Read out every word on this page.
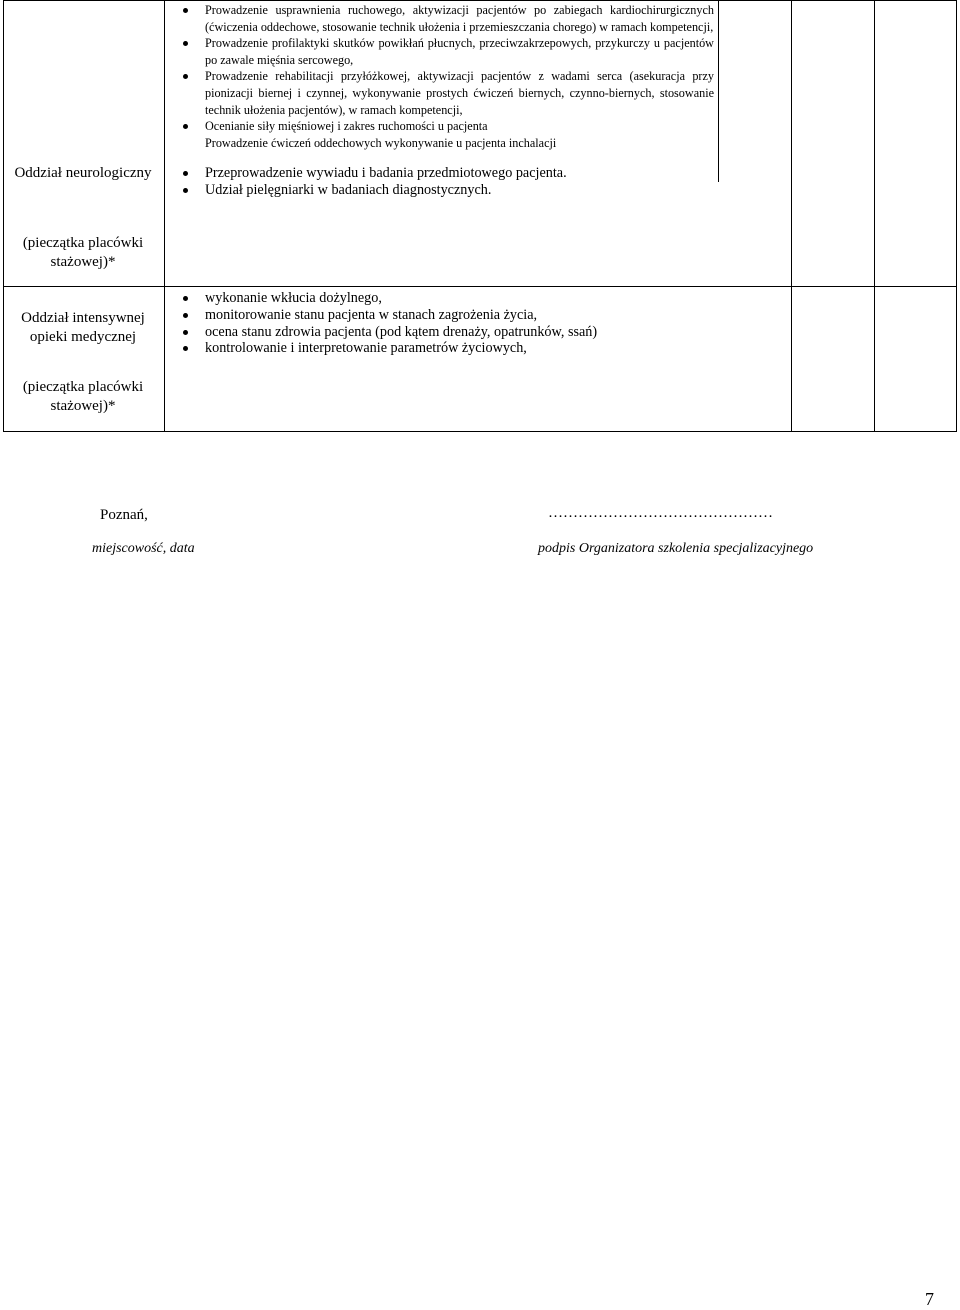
Oddział neurologiczny
(pieczątka placówki stażowej)*
Prowadzenie usprawnienia ruchowego, aktywizacji pacjentów po zabiegach kardiochirurgicznych (ćwiczenia oddechowe, stosowanie technik ułożenia i przemieszczania chorego) w ramach kompetencji,
Prowadzenie profilaktyki skutków powikłań płucnych, przeciwzakrzepowych, przykurczy u pacjentów po zawale mięśnia sercowego,
Prowadzenie rehabilitacji przyłóżkowej, aktywizacji pacjentów z wadami serca (asekuracja przy pionizacji biernej i czynnej, wykonywanie prostych ćwiczeń biernych, czynno-biernych, stosowanie technik ułożenia pacjentów), w ramach kompetencji,
Ocenianie siły mięśniowej i zakres ruchomości u pacjenta
Prowadzenie ćwiczeń oddechowych wykonywanie u pacjenta inchalacji
Przeprowadzenie wywiadu i badania przedmiotowego pacjenta.
Udział pielęgniarki w badaniach diagnostycznych.
Oddział intensywnej opieki medycznej
(pieczątka placówki stażowej)*
wykonanie wkłucia dożylnego,
monitorowanie stanu pacjenta w stanach zagrożenia życia,
ocena stanu zdrowia pacjenta (pod kątem drenaży, opatrunków, ssań)
kontrolowanie i interpretowanie parametrów życiowych,
Poznań,	………………………………………
miejscowość, data	podpis Organizatora szkolenia specjalizacyjnego
7
